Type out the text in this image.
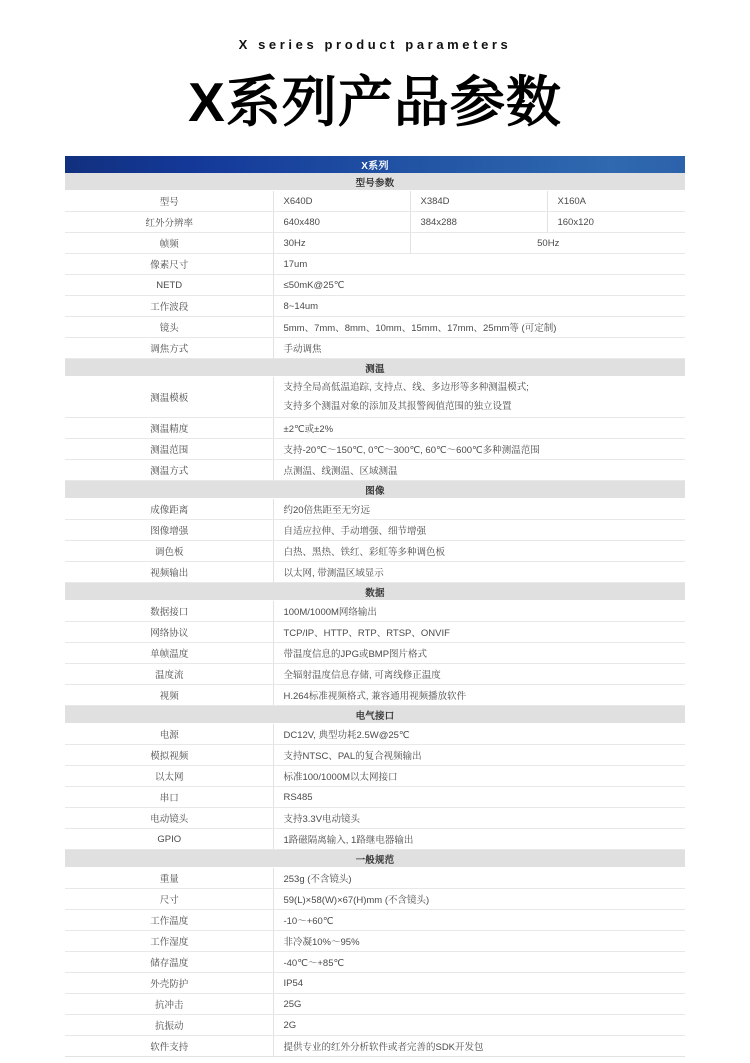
X series product parameters
X系列产品参数
X系列			
型号参数			
型号	X640D	X384D	X160A
红外分辨率	640x480	384x288	160x120
帧频	30Hz	50Hz	
像素尺寸	17um		
NETD	≤50mK@25℃		
工作波段	8~14um		
镜头	5mm、7mm、8mm、10mm、15mm、17mm、25mm等 (可定制)		
调焦方式	手动调焦		
测温			
测温模板	支持全局高低温追踪, 支持点、线、多边形等多种测温模式;
支持多个测温对象的添加及其报警阀值范围的独立设置		

测温精度	±2℃或±2%		
测温范围	支持-20℃～150℃, 0℃～300℃, 60℃～600℃多种测温范围		
测温方式	点测温、线测温、区域测温		
图像			
成像距离	约20倍焦距至无穷远		
图像增强	自适应拉伸、手动增强、细节增强		
调色板	白热、黑热、铁红、彩虹等多种调色板		
视频输出	以太网, 带测温区域显示		
数据			
数据接口	100M/1000M网络输出		
网络协议	TCP/IP、HTTP、RTP、RTSP、ONVIF		
单帧温度	带温度信息的JPG或BMP图片格式		
温度流	全辐射温度信息存储, 可离线修正温度		
视频	H.264标准视频格式, 兼容通用视频播放软件		
电气接口			
电源	DC12V, 典型功耗2.5W@25℃		
模拟视频	支持NTSC、PAL的复合视频输出		
以太网	标准100/1000M以太网接口		
串口	RS485		
电动镜头	支持3.3V电动镜头		
GPIO	1路磁隔离输入, 1路继电器输出		
一般规范			
重量	253g (不含镜头)		
尺寸	59(L)×58(W)×67(H)mm (不含镜头)		
工作温度	-10～+60℃		
工作湿度	非冷凝10%～95%		
储存温度	-40℃～+85℃		
外壳防护	IP54		
抗冲击	25G		
抗振动	2G		
软件支持	提供专业的红外分析软件或者完善的SDK开发包		
